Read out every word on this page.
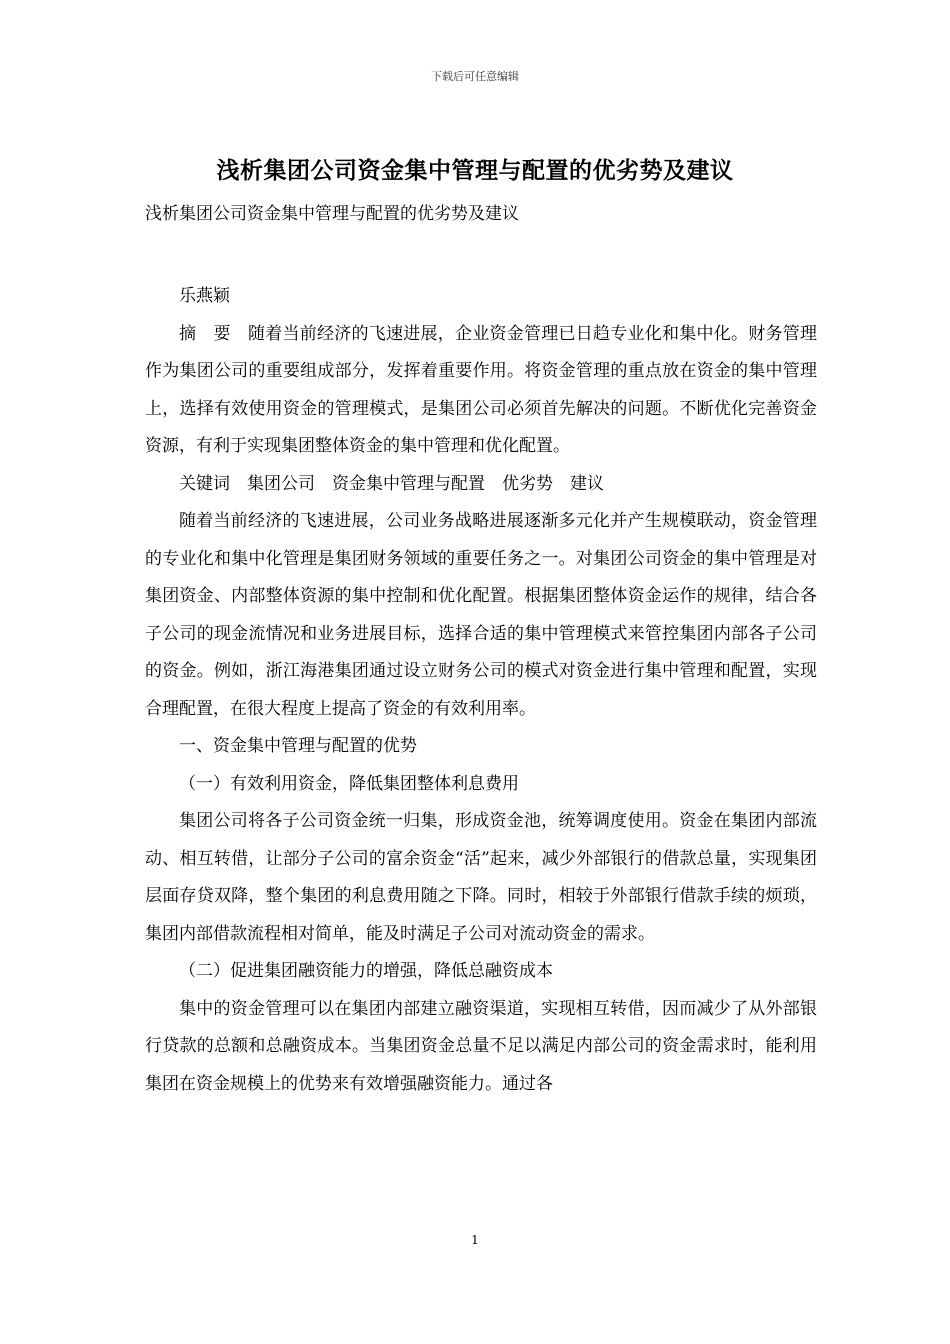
下载后可任意编辑
浅析集团公司资金集中管理与配置的优劣势及建议

浅析集团公司资金集中管理与配置的优劣势及建议

乐燕颖

摘　要　随着当前经济的飞速进展，企业资金管理已日趋专业化和集中化。财务管理作为集团公司的重要组成部分，发挥着重要作用。将资金管理的重点放在资金的集中管理上，选择有效使用资金的管理模式，是集团公司必须首先解决的问题。不断优化完善资金资源，有利于实现集团整体资金的集中管理和优化配置。

关键词　集团公司　资金集中管理与配置　优劣势　建议

随着当前经济的飞速进展，公司业务战略进展逐渐多元化并产生规模联动，资金管理的专业化和集中化管理是集团财务领域的重要任务之一。对集团公司资金的集中管理是对集团资金、内部整体资源的集中控制和优化配置。根据集团整体资金运作的规律，结合各子公司的现金流情况和业务进展目标，选择合适的集中管理模式来管控集团内部各子公司的资金。例如，浙江海港集团通过设立财务公司的模式对资金进行集中管理和配置，实现合理配置，在很大程度上提高了资金的有效利用率。

一、资金集中管理与配置的优势

（一）有效利用资金，降低集团整体利息费用

集团公司将各子公司资金统一归集，形成资金池，统筹调度使用。资金在集团内部流动、相互转借，让部分子公司的富余资金“活”起来，减少外部银行的借款总量，实现集团层面存贷双降，整个集团的利息费用随之下降。同时，相较于外部银行借款手续的烦琐，集团内部借款流程相对简单，能及时满足子公司对流动资金的需求。

（二）促进集团融资能力的增强，降低总融资成本

集中的资金管理可以在集团内部建立融资渠道，实现相互转借，因而减少了从外部银行贷款的总额和总融资成本。当集团资金总量不足以满足内部公司的资金需求时，能利用集团在资金规模上的优势来有效增强融资能力。通过各

1
